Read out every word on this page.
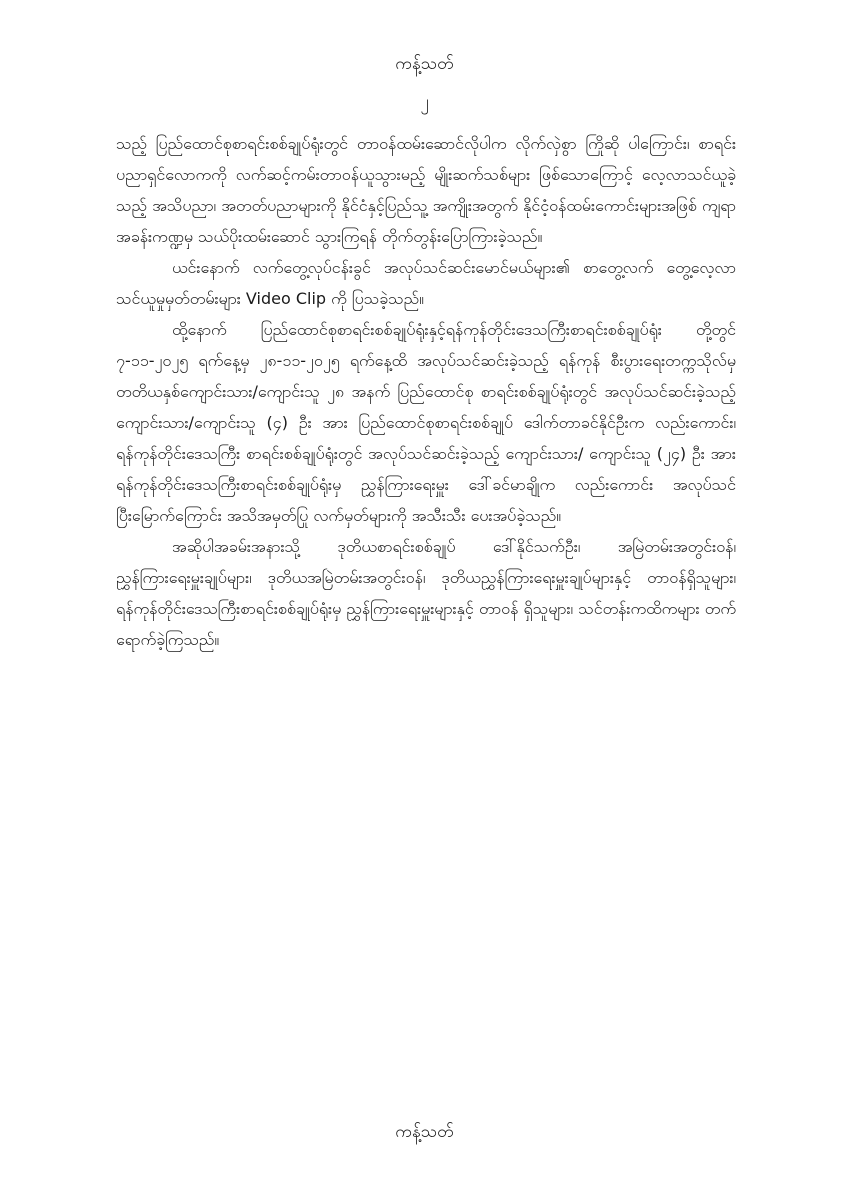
ကန့်သတ်
၂

သည့် ပြည်ထောင်စုစာရင်းစစ်ချုပ်ရုံးတွင် တာဝန်ထမ်းဆောင်လိုပါက လိုက်လှဲစွာ ကြိုဆို ပါကြောင်း၊ စာရင်းပညာရှင်လောကကို လက်ဆင့်ကမ်းတာဝန်ယူသွားမည့် မျိုးဆက်သစ်များ ဖြစ်သောကြောင့် လေ့လာသင်ယူခဲ့သည့် အသိပညာ၊ အတတ်ပညာများကို နိုင်ငံနှင့်ပြည်သူ့ အကျိုးအတွက် နိုင်ငံ့ဝန်ထမ်းကောင်းများအဖြစ် ကျရာအခန်းကဏ္ဍမှ သယ်ပိုးထမ်းဆောင် သွားကြရန် တိုက်တွန်းပြောကြားခဲ့သည်။

ယင်းနောက် လက်တွေ့လုပ်ငန်းခွင် အလုပ်သင်ဆင်းမောင်မယ်များ၏ စာတွေ့လက် တွေ့လေ့လာသင်ယူမှုမှတ်တမ်းများ Video Clip ကို ပြသခဲ့သည်။

ထို့နောက် ပြည်ထောင်စုစာရင်းစစ်ချုပ်ရုံးနှင့်ရန်ကုန်တိုင်းဒေသကြီးစာရင်းစစ်ချုပ်ရုံး တို့တွင် ၇-၁၁-၂၀၂၅ ရက်နေ့မှ ၂၈-၁၁-၂၀၂၅ ရက်နေ့ထိ အလုပ်သင်ဆင်းခဲ့သည့် ရန်ကုန် စီးပွားရေးတက္ကသိုလ်မှ တတိယနှစ်ကျောင်းသား/ကျောင်းသူ ၂၈ အနက် ပြည်ထောင်စု စာရင်းစစ်ချုပ်ရုံးတွင် အလုပ်သင်ဆင်းခဲ့သည့် ကျောင်းသား/ကျောင်းသူ (၄) ဦး အား ပြည်ထောင်စုစာရင်းစစ်ချုပ် ဒေါက်တာခင်နိုင်ဦးက လည်းကောင်း၊ ရန်ကုန်တိုင်းဒေသကြီး စာရင်းစစ်ချုပ်ရုံးတွင် အလုပ်သင်ဆင်းခဲ့သည့် ကျောင်းသား/ ကျောင်းသူ (၂၄) ဦး အား ရန်ကုန်တိုင်းဒေသကြီးစာရင်းစစ်ချုပ်ရုံးမှ ညွှန်ကြားရေးမှူး ဒေါ်ခင်မာချိုက လည်းကောင်း အလုပ်သင်ပြီးမြောက်ကြောင်း အသိအမှတ်ပြု လက်မှတ်များကို အသီးသီး ပေးအပ်ခဲ့သည်။

အဆိုပါအခမ်းအနားသို့ ဒုတိယစာရင်းစစ်ချုပ် ဒေါ်နိုင်သက်ဦး၊ အမြဲတမ်းအတွင်းဝန်၊ ညွှန်ကြားရေးမှူးချုပ်များ၊ ဒုတိယအမြဲတမ်းအတွင်းဝန်၊ ဒုတိယညွှန်ကြားရေးမှူးချုပ်များနှင့် တာဝန်ရှိသူများ၊ ရန်ကုန်တိုင်းဒေသကြီးစာရင်းစစ်ချုပ်ရုံးမှ ညွှန်ကြားရေးမှူးများနှင့် တာဝန် ရှိသူများ၊ သင်တန်းကထိကများ တက်ရောက်ခဲ့ကြသည်။

ကန့်သတ်
